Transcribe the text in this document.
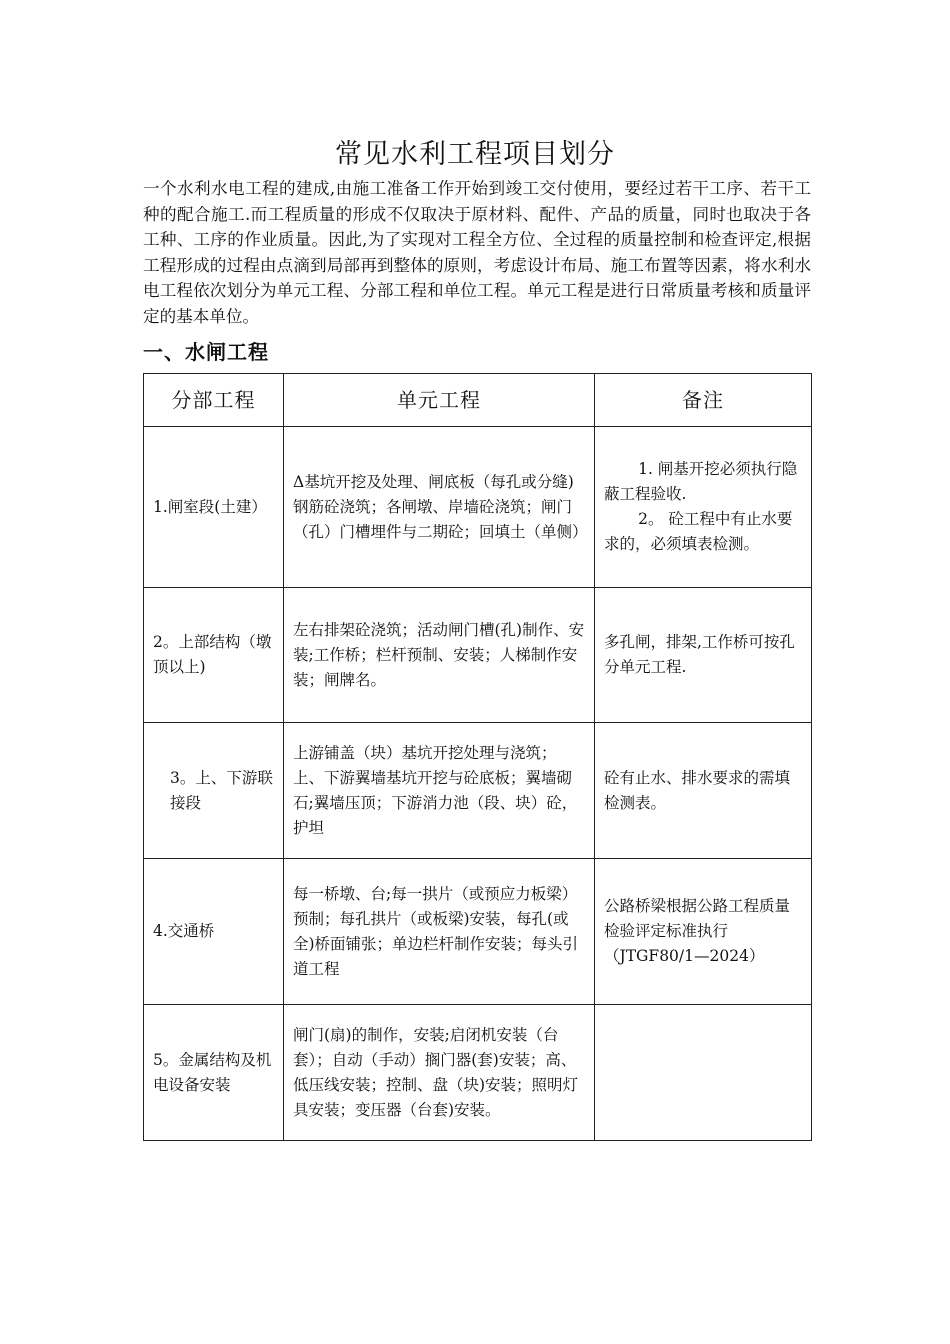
常见水利工程项目划分

一个水利水电工程的建成,由施工准备工作开始到竣工交付使用，要经过若干工序、若干工种的配合施工.而工程质量的形成不仅取决于原材料、配件、产品的质量，同时也取决于各工种、工序的作业质量。因此,为了实现对工程全方位、全过程的质量控制和检查评定,根据工程形成的过程由点滴到局部再到整体的原则，考虑设计布局、施工布置等因素，将水利水电工程依次划分为单元工程、分部工程和单位工程。单元工程是进行日常质量考核和质量评定的基本单位。

一、水闸工程
分部工程	单元工程	备注
1.闸室段(土建）	Δ基坑开挖及处理、闸底板（每孔或分缝)钢筋砼浇筑；各闸墩、岸墙砼浇筑；闸门（孔）门槽埋件与二期砼；回填土（单侧）	1. 闸基开挖必须执行隐蔽工程验收.
2。 砼工程中有止水要求的，必须填表检测。

2。上部结构（墩顶以上)	左右排架砼浇筑；活动闸门槽(孔)制作、安装;工作桥；栏杆预制、安装；人梯制作安装；闸牌名。	多孔闸，排架,工作桥可按孔分单元工程.
3。上、下游联接段	上游铺盖（块）基坑开挖处理与浇筑；上、下游翼墙基坑开挖与砼底板；翼墙砌石;翼墙压顶；下游消力池（段、块）砼，护坦	砼有止水、排水要求的需填检测表。
4.交通桥	每一桥墩、台;每一拱片（或预应力板梁）预制；每孔拱片（或板梁)安装，每孔(或全)桥面铺张；单边栏杆制作安装；每头引道工程	公路桥梁根据公路工程质量检验评定标准执行（JTGF80/1—2024）
5。金属结构及机电设备安装	闸门(扇)的制作，安装;启闭机安装（台套）；自动（手动）搁门器(套)安装；高、低压线安装；控制、盘（块)安装；照明灯具安装；变压器（台套)安装。	
